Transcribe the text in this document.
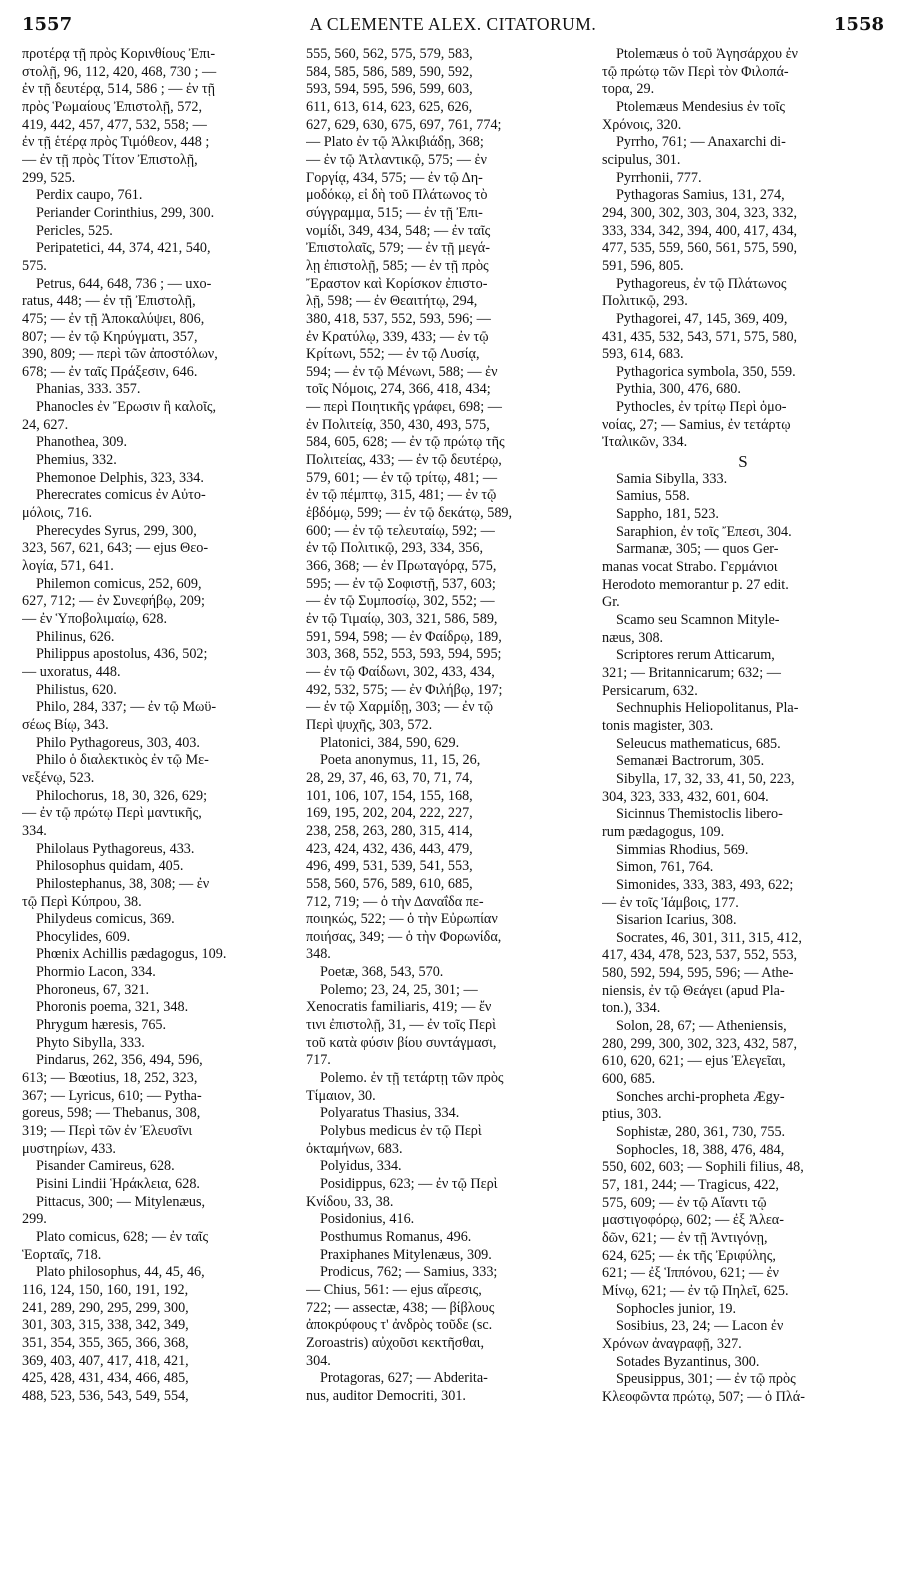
1557	A CLEMENTE ALEX. CITATORUM.	1558
προτέρᾳ τῇ πρὸς Κορινθίους Ἐπι-
στολῇ, 96, 112, 420, 468, 730 ; —
ἐν τῇ δευτέρᾳ, 514, 586 ; — ἐν τῇ
πρὸς Ῥωμαίους Ἐπιστολῇ, 572,
419, 442, 457, 477, 532, 558; —
ἐν τῇ ἑτέρᾳ πρὸς Τιμόθεον, 448 ;
— ἐν τῇ πρὸς Τίτον Ἐπιστολῇ,
299, 525.
Perdix caupo, 761.
Periander Corinthius, 299, 300.
Pericles, 525.
Peripatetici, 44, 374, 421, 540,
575.
Petrus, 644, 648, 736 ; — uxo-
ratus, 448; — ἐν τῇ Ἐπιστολῇ,
475; — ἐν τῇ Ἀποκαλύψει, 806,
807; — ἐν τῷ Κηρύγματι, 357,
390, 809; — περὶ τῶν ἀποστόλων,
678; — ἐν ταῖς Πράξεσιν, 646.
Phanias, 333. 357.
Phanocles ἐν Ἔρωσιν ἢ καλοῖς,
24, 627.
Phanothea, 309.
Phemius, 332.
Phemonoe Delphis, 323, 334.
Pherecrates comicus ἐν Αὐτο-
μόλοις, 716.
Pherecydes Syrus, 299, 300,
323, 567, 621, 643; — ejus Θεο-
λογία, 571, 641.
Philemon comicus, 252, 609,
627, 712; — ἐν Συνεφήβῳ, 209;
— ἐν Ὑποβολιμαίῳ, 628.
Philinus, 626.
Philippus apostolus, 436, 502;
— uxoratus, 448.
Philistus, 620.
Philo, 284, 337; — ἐν τῷ Μωϋ-
σέως Βίῳ, 343.
Philo Pythagoreus, 303, 403.
Philo ὁ διαλεκτικὸς ἐν τῷ Με-
νεξένῳ, 523.
Philochorus, 18, 30, 326, 629;
— ἐν τῷ πρώτῳ Περὶ μαντικῆς,
334.
Philolaus Pythagoreus, 433.
Philosophus quidam, 405.
Philostephanus, 38, 308; — ἐν
τῷ Περὶ Κύπρου, 38.
Philydeus comicus, 369.
Phocylides, 609.
Phœnix Achillis pædagogus, 109.
Phormio Lacon, 334.
Phoroneus, 67, 321.
Phoronis poema, 321, 348.
Phrygum hæresis, 765.
Phyto Sibylla, 333.
Pindarus, 262, 356, 494, 596,
613; — Bœotius, 18, 252, 323,
367; — Lyricus, 610; — Pytha-
goreus, 598; — Thebanus, 308,
319; — Περὶ τῶν ἐν Ἐλευσῖνι
μυστηρίων, 433.
Pisander Camireus, 628.
Pisini Lindii Ἡράκλεια, 628.
Pittacus, 300; — Mitylenæus,
299.
Plato comicus, 628; — ἐν ταῖς
Ἑορταῖς, 718.
Plato philosophus, 44, 45, 46,
116, 124, 150, 160, 191, 192,
241, 289, 290, 295, 299, 300,
301, 303, 315, 338, 342, 349,
351, 354, 355, 365, 366, 368,
369, 403, 407, 417, 418, 421,
425, 428, 431, 434, 466, 485,
488, 523, 536, 543, 549, 554,
555, 560, 562, 575, 579, 583,
584, 585, 586, 589, 590, 592,
593, 594, 595, 596, 599, 603,
611, 613, 614, 623, 625, 626,
627, 629, 630, 675, 697, 761, 774;
— Plato ἐν τῷ Ἀλκιβιάδῃ, 368;
— ἐν τῷ Ἀτλαντικῷ, 575; — ἐν
Γοργίᾳ, 434, 575; — ἐν τῷ Δη-
μοδόκῳ, εἰ δὴ τοῦ Πλάτωνος τὸ
σύγγραμμα, 515; — ἐν τῇ Ἐπι-
νομίδι, 349, 434, 548; — ἐν ταῖς
Ἐπιστολαῖς, 579; — ἐν τῇ μεγά-
λῃ ἐπιστολῇ, 585; — ἐν τῇ πρὸς
Ἔραστον καὶ Κορίσκον ἐπιστο-
λῇ, 598; — ἐν Θεαιτήτῳ, 294,
380, 418, 537, 552, 593, 596; —
ἐν Κρατύλῳ, 339, 433; — ἐν τῷ
Κρίτωνι, 552; — ἐν τῷ Λυσίᾳ,
594; — ἐν τῷ Μένωνι, 588; — ἐν
τοῖς Νόμοις, 274, 366, 418, 434;
— περὶ Ποιητικῆς γράφει, 698; —
ἐν Πολιτείᾳ, 350, 430, 493, 575,
584, 605, 628; — ἐν τῷ πρώτῳ τῆς
Πολιτείας, 433; — ἐν τῷ δευτέρῳ,
579, 601; — ἐν τῷ τρίτῳ, 481; —
ἐν τῷ πέμπτῳ, 315, 481; — ἐν τῷ
ἑβδόμῳ, 599; — ἐν τῷ δεκάτῳ, 589,
600; — ἐν τῷ τελευταίῳ, 592; —
ἐν τῷ Πολιτικῷ, 293, 334, 356,
366, 368; — ἐν Πρωταγόρᾳ, 575,
595; — ἐν τῷ Σοφιστῇ, 537, 603;
— ἐν τῷ Συμποσίῳ, 302, 552; —
ἐν τῷ Τιμαίῳ, 303, 321, 586, 589,
591, 594, 598; — ἐν Φαίδρῳ, 189,
303, 368, 552, 553, 593, 594, 595;
— ἐν τῷ Φαίδωνι, 302, 433, 434,
492, 532, 575; — ἐν Φιλήβῳ, 197;
— ἐν τῷ Χαρμίδῃ, 303; — ἐν τῷ
Περὶ ψυχῆς, 303, 572.
Platonici, 384, 590, 629.
Poeta anonymus, 11, 15, 26,
28, 29, 37, 46, 63, 70, 71, 74,
101, 106, 107, 154, 155, 168,
169, 195, 202, 204, 222, 227,
238, 258, 263, 280, 315, 414,
423, 424, 432, 436, 443, 479,
496, 499, 531, 539, 541, 553,
558, 560, 576, 589, 610, 685,
712, 719; — ὁ τὴν Δαναΐδα πε-
ποιηκώς, 522; — ὁ τὴν Εὐρωπίαν
ποιήσας, 349; — ὁ τὴν Φορωνίδα,
348.
Poetæ, 368, 543, 570.
Polemo; 23, 24, 25, 301; —
Xenocratis familiaris, 419; — ἔν
τινι ἐπιστολῇ, 31, — ἐν τοῖς Περὶ
τοῦ κατὰ φύσιν βίου συντάγμασι,
717.
Polemo. ἐν τῇ τετάρτῃ τῶν πρὸς
Τίμαιον, 30.
Polyaratus Thasius, 334.
Polybus medicus ἐν τῷ Περὶ
ὀκταμήνων, 683.
Polyidus, 334.
Posidippus, 623; — ἐν τῷ Περὶ
Κνίδου, 33, 38.
Posidonius, 416.
Posthumus Romanus, 496.
Praxiphanes Mitylenæus, 309.
Prodicus, 762; — Samius, 333;
— Chius, 561: — ejus αἵρεσις,
722; — assectæ, 438; — βίβλους
ἀποκρύφους τ' ἀνδρὸς τοῦδε (sc.
Zoroastris) αὐχοῦσι κεκτῆσθαι,
304.
Protagoras, 627; — Abderita-
nus, auditor Democriti, 301.
Ptolemæus ὁ τοῦ Ἀγησάρχου ἐν
τῷ πρώτῳ τῶν Περὶ τὸν Φιλοπά-
τορα, 29.
Ptolemæus Mendesius ἐν τοῖς
Χρόνοις, 320.
Pyrrho, 761; — Anaxarchi di-
scipulus, 301.
Pyrrhonii, 777.
Pythagoras Samius, 131, 274,
294, 300, 302, 303, 304, 323, 332,
333, 334, 342, 394, 400, 417, 434,
477, 535, 559, 560, 561, 575, 590,
591, 596, 805.
Pythagoreus, ἐν τῷ Πλάτωνος
Πολιτικῷ, 293.
Pythagorei, 47, 145, 369, 409,
431, 435, 532, 543, 571, 575, 580,
593, 614, 683.
Pythagorica symbola, 350, 559.
Pythia, 300, 476, 680.
Pythocles, ἐν τρίτῳ Περὶ ὁμο-
νοίας, 27; — Samius, ἐν τετάρτῳ
Ἰταλικῶν, 334.
S
Samia Sibylla, 333.
Samius, 558.
Sappho, 181, 523.
Saraphion, ἐν τοῖς Ἔπεσι, 304.
Sarmanæ, 305; — quos Ger-
manas vocat Strabo. Γερμάνιοι
Herodoto memorantur p. 27 edit.
Gr.
Scamo seu Scamnon Mityle-
næus, 308.
Scriptores rerum Atticarum,
321; — Britannicarum; 632; —
Persicarum, 632.
Sechnuphis Heliopolitanus, Pla-
tonis magister, 303.
Seleucus mathematicus, 685.
Semanæi Bactrorum, 305.
Sibylla, 17, 32, 33, 41, 50, 223,
304, 323, 333, 432, 601, 604.
Sicinnus Themistoclis libero-
rum pædagogus, 109.
Simmias Rhodius, 569.
Simon, 761, 764.
Simonides, 333, 383, 493, 622;
— ἐν τοῖς Ἰάμβοις, 177.
Sisarion Icarius, 308.
Socrates, 46, 301, 311, 315, 412,
417, 434, 478, 523, 537, 552, 553,
580, 592, 594, 595, 596; — Athe-
niensis, ἐν τῷ Θεάγει (apud Pla-
ton.), 334.
Solon, 28, 67; — Atheniensis,
280, 299, 300, 302, 323, 432, 587,
610, 620, 621; — ejus Ἐλεγεῖαι,
600, 685.
Sonches archi-propheta Ægy-
ptius, 303.
Sophistæ, 280, 361, 730, 755.
Sophocles, 18, 388, 476, 484,
550, 602, 603; — Sophili filius, 48,
57, 181, 244; — Tragicus, 422,
575, 609; — ἐν τῷ Αἴαντι τῷ
μαστιγοφόρῳ, 602; — ἐξ Ἀλεα-
δῶν, 621; — ἐν τῇ Ἀντιγόνῃ,
624, 625; — ἐκ τῆς Ἐριφύλης,
621; — ἐξ Ἱππόνου, 621; — ἐν
Μίνῳ, 621; — ἐν τῷ Πηλεῖ, 625.
Sophocles junior, 19.
Sosibius, 23, 24; — Lacon ἐν
Χρόνων ἀναγραφῇ, 327.
Sotades Byzantinus, 300.
Speusippus, 301; — ἐν τῷ πρὸς
Κλεοφῶντα πρώτῳ, 507; — ὁ Πλά-
